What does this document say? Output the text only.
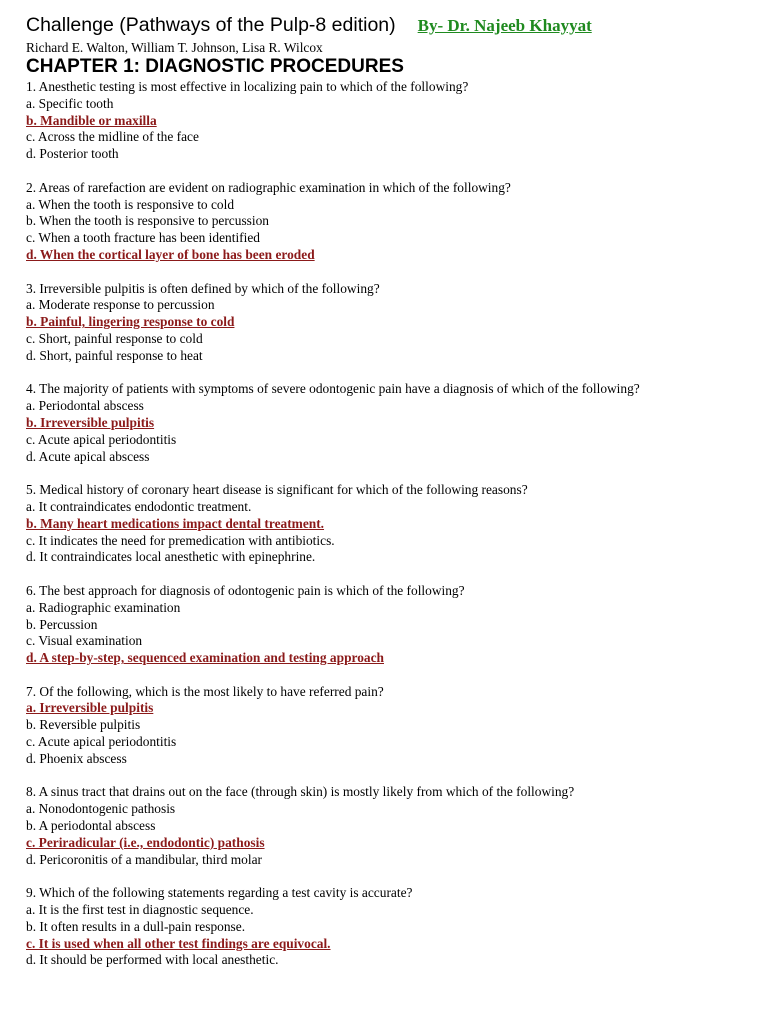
Challenge (Pathways of the Pulp-8 edition) By- Dr. Najeeb Khayyat
Richard E. Walton, William T. Johnson, Lisa R. Wilcox
CHAPTER 1: DIAGNOSTIC PROCEDURES
1. Anesthetic testing is most effective in localizing pain to which of the following?
a. Specific tooth
b. Mandible or maxilla
c. Across the midline of the face
d. Posterior tooth
2. Areas of rarefaction are evident on radiographic examination in which of the following?
a. When the tooth is responsive to cold
b. When the tooth is responsive to percussion
c. When a tooth fracture has been identified
d. When the cortical layer of bone has been eroded
3. Irreversible pulpitis is often defined by which of the following?
a. Moderate response to percussion
b. Painful, lingering response to cold
c. Short, painful response to cold
d. Short, painful response to heat
4. The majority of patients with symptoms of severe odontogenic pain have a diagnosis of which of the following?
a. Periodontal abscess
b. Irreversible pulpitis
c. Acute apical periodontitis
d. Acute apical abscess
5. Medical history of coronary heart disease is significant for which of the following reasons?
a. It contraindicates endodontic treatment.
b. Many heart medications impact dental treatment.
c. It indicates the need for premedication with antibiotics.
d. It contraindicates local anesthetic with epinephrine.
6. The best approach for diagnosis of odontogenic pain is which of the following?
a. Radiographic examination
b. Percussion
c. Visual examination
d. A step-by-step, sequenced examination and testing approach
7. Of the following, which is the most likely to have referred pain?
a. Irreversible pulpitis
b. Reversible pulpitis
c. Acute apical periodontitis
d. Phoenix abscess
8. A sinus tract that drains out on the face (through skin) is mostly likely from which of the following?
a. Nonodontogenic pathosis
b. A periodontal abscess
c. Periradicular (i.e., endodontic) pathosis
d. Pericoronitis of a mandibular, third molar
9. Which of the following statements regarding a test cavity is accurate?
a. It is the first test in diagnostic sequence.
b. It often results in a dull-pain response.
c. It is used when all other test findings are equivocal.
d. It should be performed with local anesthetic.
